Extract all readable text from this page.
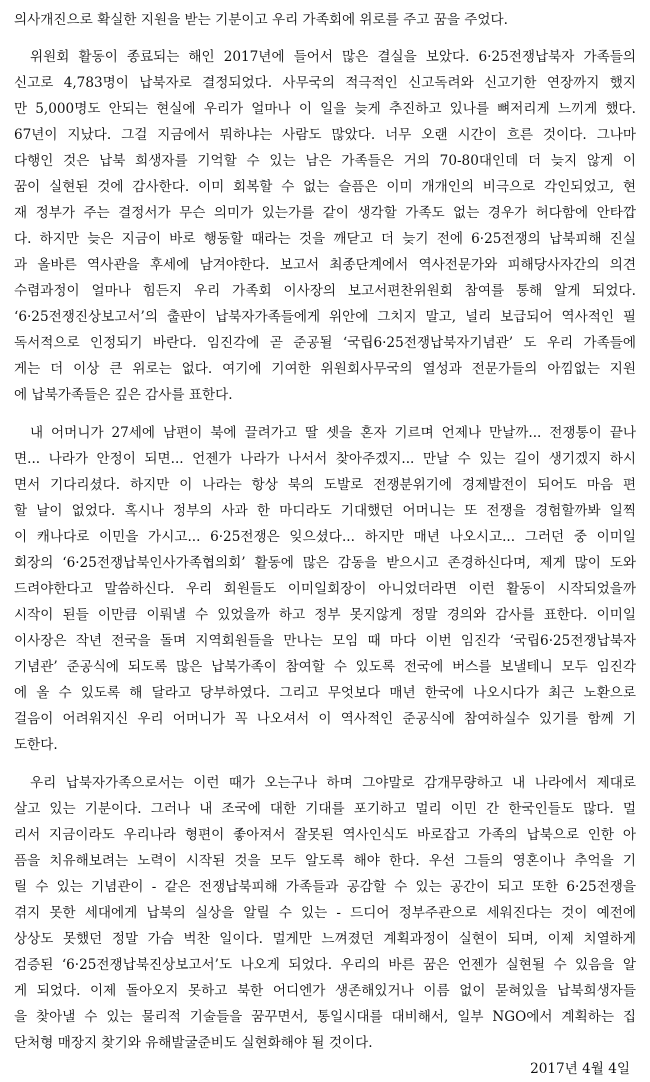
의사개진으로 확실한 지원을 받는 기분이고 우리 가족회에 위로를 주고 꿈을 주었다.
위원회 활동이 종료되는 해인 2017년에 들어서 많은 결실을 보았다. 6·25전쟁납북자 가족들의
신고로 4,783명이 납북자로 결정되었다. 사무국의 적극적인 신고독려와 신고기한 연장까지 했지
만 5,000명도 안되는 현실에 우리가 얼마나 이 일을 늦게 추진하고 있나를 뼈저리게 느끼게 했다.
67년이 지났다. 그걸 지금에서 뭐하냐는 사람도 많았다. 너무 오랜 시간이 흐른 것이다. 그나마
다행인 것은 납북 희생자를 기억할 수 있는 남은 가족들은 거의 70-80대인데 더 늦지 않게 이
꿈이 실현된 것에 감사한다. 이미 회복할 수 없는 슬픔은 이미 개개인의 비극으로 각인되었고, 현
재 정부가 주는 결정서가 무슨 의미가 있는가를 같이 생각할 가족도 없는 경우가 허다함에 안타깝
다. 하지만 늦은 지금이 바로 행동할 때라는 것을 깨닫고 더 늦기 전에 6·25전쟁의 납북피해 진실
과 올바른 역사관을 후세에 남겨야한다. 보고서 최종단계에서 역사전문가와 피해당사자간의 의견
수렴과정이 얼마나 힘든지 우리 가족회 이사장의 보고서편찬위원회 참여를 통해 알게 되었다.
‘6·25전쟁진상보고서’의 출판이 납북자가족들에게 위안에 그치지 말고, 널리 보급되어 역사적인 필
독서적으로 인정되기 바란다. 임진각에 곧 준공될 ‘국립6·25전쟁납북자기념관’ 도 우리 가족들에
게는 더 이상 큰 위로는 없다. 여기에 기여한 위원회사무국의 열성과 전문가들의 아낌없는 지원
에 납북가족들은 깊은 감사를 표한다.
내 어머니가 27세에 남편이 북에 끌려가고 딸 셋을 혼자 기르며 언제나 만날까... 전쟁통이 끝나
면... 나라가 안정이 되면... 언젠가 나라가 나서서 찾아주겠지... 만날 수 있는 길이 생기겠지 하시
면서 기다리셨다. 하지만 이 나라는 항상 북의 도발로 전쟁분위기에 경제발전이 되어도 마음 편
할 날이 없었다. 혹시나 정부의 사과 한 마디라도 기대했던 어머니는 또 전쟁을 경험할까봐 일찍
이 캐나다로 이민을 가시고... 6·25전쟁은 잊으셨다... 하지만 매년 나오시고... 그러던 중 이미일
회장의 ‘6·25전쟁납북인사가족협의회’ 활동에 많은 감동을 받으시고 존경하신다며, 제게 많이 도와
드려야한다고 말씀하신다. 우리 회원들도 이미일회장이 아니었더라면 이런 활동이 시작되었을까
시작이 된들 이만큼 이뤄낼 수 있었을까 하고 정부 못지않게 정말 경의와 감사를 표한다. 이미일
이사장은 작년 전국을 돌며 지역회원들을 만나는 모임 때 마다 이번 임진각 ‘국립6·25전쟁납북자
기념관’ 준공식에 되도록 많은 납북가족이 참여할 수 있도록 전국에 버스를 보낼테니 모두 임진각
에 올 수 있도록 해 달라고 당부하였다. 그리고 무엇보다 매년 한국에 나오시다가 최근 노환으로
걸음이 어려워지신 우리 어머니가 꼭 나오셔서 이 역사적인 준공식에 참여하실수 있기를 함께 기
도한다.
우리 납북자가족으로서는 이런 때가 오는구나 하며 그야말로 감개무량하고 내 나라에서 제대로
살고 있는 기분이다. 그러나 내 조국에 대한 기대를 포기하고 멀리 이민 간 한국인들도 많다. 멀
리서 지금이라도 우리나라 형편이 좋아져서 잘못된 역사인식도 바로잡고 가족의 납북으로 인한 아
픔을 치유해보려는 노력이 시작된 것을 모두 알도록 해야 한다. 우선 그들의 영혼이나 추억을 기
릴 수 있는 기념관이 - 같은 전쟁납북피해 가족들과 공감할 수 있는 공간이 되고 또한 6·25전쟁을
겪지 못한 세대에게 납북의 실상을 알릴 수 있는 - 드디어 정부주관으로 세워진다는 것이 예전에
상상도 못했던 정말 가슴 벅찬 일이다. 멀게만 느껴졌던 계획과정이 실현이 되며, 이제 치열하게
검증된 ‘6·25전쟁납북진상보고서’도 나오게 되었다. 우리의 바른 꿈은 언젠가 실현될 수 있음을 알
게 되었다. 이제 돌아오지 못하고 북한 어디엔가 생존해있거나 이름 없이 묻혀있을 납북희생자들
을 찾아낼 수 있는 물리적 기술들을 꿈꾸면서, 통일시대를 대비해서, 일부 NGO에서 계획하는 집
단처형 매장지 찾기와 유해발굴준비도 실현화해야 될 것이다.
2017년 4월 4일
